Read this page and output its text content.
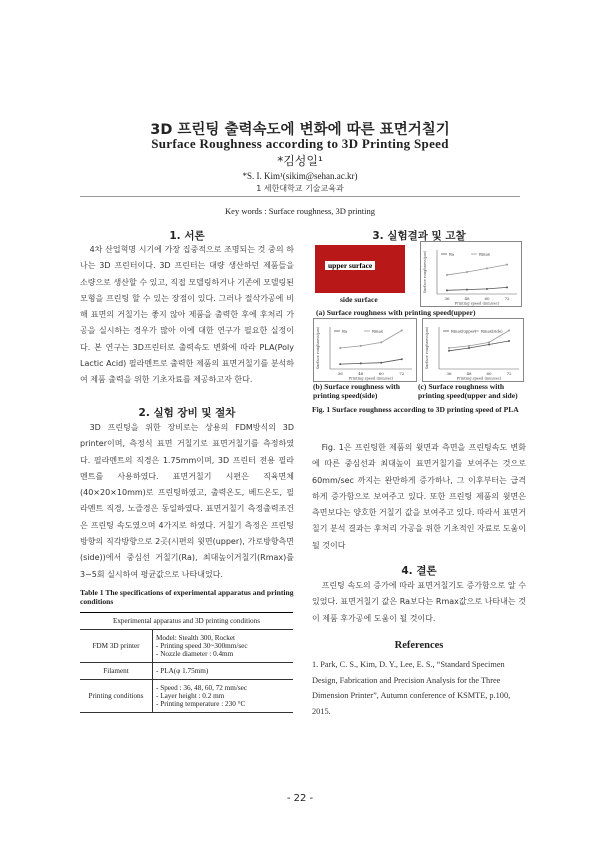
3D 프린팅 출력속도에 변화에 따른 표면거칠기
Surface Roughness according to 3D Printing Speed
*김성일¹
*S. I. Kim¹(sikim@sehan.ac.kr)
1 세한대학교 기술교육과
Key words : Surface roughness, 3D printing
1. 서론
4차 산업혁명 시기에 가장 집중적으로 조명되는 것 중의 하나는 3D 프린터이다. 3D 프린터는 대량 생산하던 제품들을 소량으로 생산할 수 있고, 직접 모델링하거나 기존에 모델링된 모형을 프린팅 할 수 있는 장점이 있다. 그러나 절삭가공에 비해 표면의 거칠기는 좋지 않아 제품을 출력한 후에 후처리 가공을 실시하는 경우가 많아 이에 대한 연구가 필요한 실정이다. 본 연구는 3D프린터로 출력속도 변화에 따라 PLA(Poly Lactic Acid) 필라멘트로 출력한 제품의 표면거칠기를 분석하여 제품 출력을 위한 기초자료를 제공하고자 한다.
2. 실험 장비 및 절차
3D 프린팅을 위한 장비로는 상용의 FDM방식의 3D printer이며, 측정식 표면 거칠기로 표면거칠기를 측정하였다. 필라멘트의 직경은 1.75mm이며, 3D 프린터 전용 필라멘트를 사용하였다. 표면거칠기 시편은 직육면체(40×20×10mm)로 프린팅하였고, 출력온도, 베드온도, 필라멘트 직경, 노즐경은 동일하였다. 표면거칠기 측정출력조건은 프린팅 속도였으며 4가지로 하였다. 거칠기 측정은 프린팅 방향의 직각방향으로 2곳(시편의 윗면(upper), 가로방향측면(side))에서 중심선 거칠기(Ra), 최대높이거칠기(Rmax)를 3~5회 실시하여 평균값으로 나타내었다.
Table 1 The specifications of experimental apparatus and printing conditions
Experimental apparatus and 3D printing conditions	
FDM 3D printer	Model: Stealth 300, Rocket
- Printing speed 30~300mm/sec
- Nozzle diameter : 0.4mm
Filament	- PLA(φ 1.75mm)
Printing conditions	- Speed : 36, 48, 60, 72 mm/sec
- Layer height : 0.2 mm
- Printing temperature : 230 °C
3. 실험결과 및 고찰
upper surface
side surface	36	48	60	72
Printing speed (mm/sec)
Surface roughness(µm)	Ra	Rmax
36	48	60	72
Printing speed (mm/sec)
Surface roughness(µm)	Ra	Rmax
36	48	60	72
Printing speed (mm/sec)
Surface roughness(µm)	Rmax(upper) Rmax(side)
(a) Surface roughness with printing speed(upper)
(b) Surface roughness with printing speed(side)
(c) Surface roughness with printing speed(upper and side)
Fig. 1 Surface roughness according to 3D printing speed of PLA
Fig. 1은 프린팅한 제품의 윗면과 측면을 프린팅속도 변화에 따른 중심선과 최대높이 표면거칠기를 보여주는 것으로 60mm/sec 까지는 완만하게 증가하나, 그 이후부터는 급격하게 증가함으로 보여주고 있다. 또한 프린팅 제품의 윗면은 측면보다는 양호한 거칠기 값을 보여주고 있다. 따라서 표면거칠기 분석 결과는 후처리 가공을 위한 기초적인 자료로 도움이 될 것이다
4. 결론
프린팅 속도의 증가에 따라 표면거칠기도 증가함으로 알 수 있었다. 표면거칠기 값은 Ra보다는 Rmax값으로 나타내는 것이 제품 후가공에 도움이 될 것이다.
References
1. Park, C. S., Kim, D. Y., Lee, E. S., “Standard Specimen Design, Fabrication and Precision Analysis for the Three Dimension Printer”, Autumn conference of KSMTE, p.100, 2015.
- 22 -
